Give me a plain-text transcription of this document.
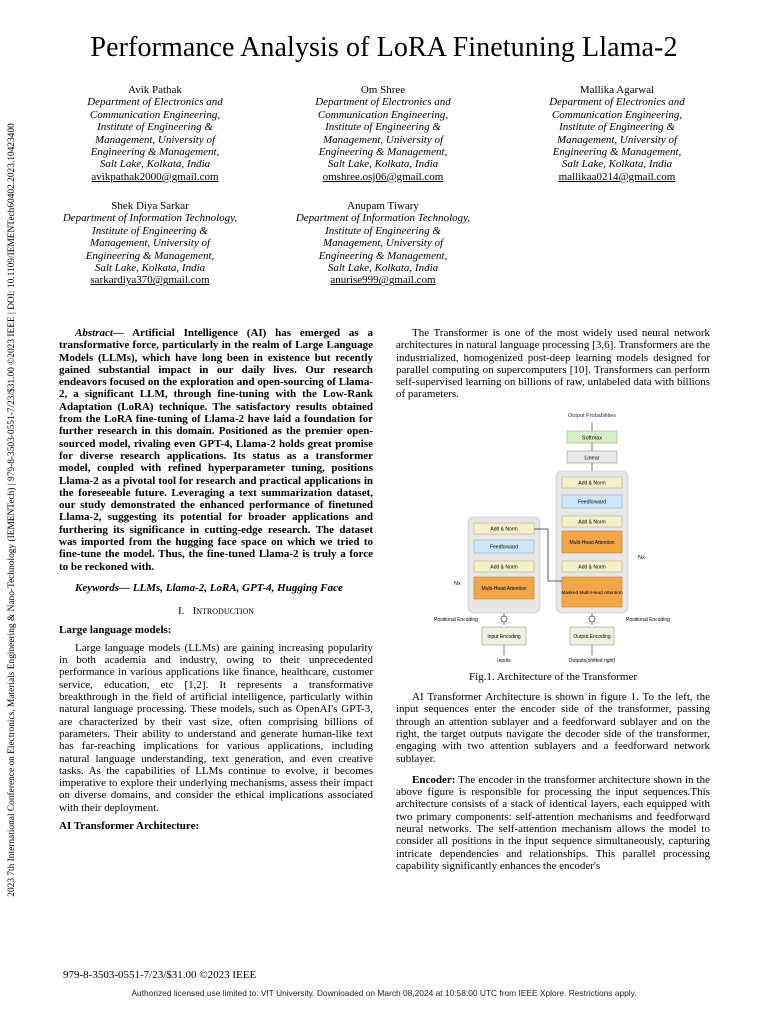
2023 7th International Conference on Electronics, Materials Engineering & Nano-Technology (IEMENTech) | 979-8-3503-0551-7/23/$31.00 ©2023 IEEE | DOI: 10.1109/IEMENTech60402.2023.10423400
Performance Analysis of LoRA Finetuning Llama-2
Avik Pathak
Department of Electronics and
Communication Engineering,
Institute of Engineering &
Management, University of
Engineering & Management,
Salt Lake, Kolkata, India
avikpathak2000@gmail.com
Om Shree
Department of Electronics and
Communication Engineering,
Institute of Engineering &
Management, University of
Engineering & Management,
Salt Lake, Kolkata, India
omshree.osj06@gmail.com
Mallika Agarwal
Department of Electronics and
Communication Engineering,
Institute of Engineering &
Management, University of
Engineering & Management,
Salt Lake, Kolkata, India
mallikaa0214@gmail.com
Shek Diya Sarkar
Department of Information Technology,
Institute of Engineering &
Management, University of
Engineering & Management,
Salt Lake, Kolkata, India
sarkardiya370@gmail.com
Anupam Tiwary
Department of Information Technology,
Institute of Engineering &
Management, University of
Engineering & Management,
Salt Lake, Kolkata, India
anurise999@gmail.com

Abstract— Artificial Intelligence (AI) has emerged as a transformative force, particularly in the realm of Large Language Models (LLMs), which have long been in existence but recently gained substantial impact in our daily lives. Our research endeavors focused on the exploration and open-sourcing of Llama-2, a significant LLM, through fine-tuning with the Low-Rank Adaptation (LoRA) technique. The satisfactory results obtained from the LoRA fine-tuning of Llama-2 have laid a foundation for further research in this domain. Positioned as the premier open-sourced model, rivaling even GPT-4, Llama-2 holds great promise for diverse research applications. Its status as a transformer model, coupled with refined hyperparameter tuning, positions Llama-2 as a pivotal tool for research and practical applications in the foreseeable future. Leveraging a text summarization dataset, our study demonstrated the enhanced performance of finetuned Llama-2, suggesting its potential for broader applications and furthering its significance in cutting-edge research. The dataset was imported from the hugging face space on which we tried to fine-tune the model. Thus, the fine-tuned Llama-2 is truly a force to be reckoned with.

Keywords— LLMs, Llama-2, LoRA, GPT-4, Hugging Face

I. Introduction

Large language models:

Large language models (LLMs) are gaining increasing popularity in both academia and industry, owing to their unprecedented performance in various applications like finance, healthcare, customer service, education, etc [1,2]. It represents a transformative breakthrough in the field of artificial intelligence, particularly within natural language processing. These models, such as OpenAI's GPT-3, are characterized by their vast size, often comprising billions of parameters. Their ability to understand and generate human-like text has far-reaching implications for various applications, including natural language understanding, text generation, and even creative tasks. As the capabilities of LLMs continue to evolve, it becomes imperative to explore their underlying mechanisms, assess their impact on diverse domains, and consider the ethical implications associated with their deployment.

AI Transformer Architecture:

The Transformer is one of the most widely used neural network architectures in natural language processing [3,6]. Transformers are the industrialized, homogenized post-deep learning models designed for parallel computing on supercomputers [10]. Transformers can perform self-supervised learning on billions of raw, unlabeled data with billions of parameters.

Output Probabilities
Softmax
Linear
Add & Norm
Feedforward
Add & Norm
Multi-Head Attention
Add & Norm
Masked Multi-Head Attention
Nx
Add & Norm
Feedforward
Add & Norm
Multi-Head Attention
Nx
Positional Encoding	Positional Encoding
Input Encoding	Output Encoding
Inputs	Outputs(shifted right)

Fig.1. Architecture of the Transformer

AI Transformer Architecture is shown in figure 1. To the left, the input sequences enter the encoder side of the transformer, passing through an attention sublayer and a feedforward sublayer and on the right, the target outputs navigate the decoder side of the transformer, engaging with two attention sublayers and a feedforward network sublayer.

Encoder: The encoder in the transformer architecture shown in the above figure is responsible for processing the input sequences.This architecture consists of a stack of identical layers, each equipped with two primary components: self-attention mechanisms and feedforward neural networks. The self-attention mechanism allows the model to consider all positions in the input sequence simultaneously, capturing intricate dependencies and relationships. This parallel processing capability significantly enhances the encoder's

979-8-3503-0551-7/23/$31.00 ©2023 IEEE
Authorized licensed use limited to: VIT University. Downloaded on March 08,2024 at 10:58:00 UTC from IEEE Xplore. Restrictions apply.
